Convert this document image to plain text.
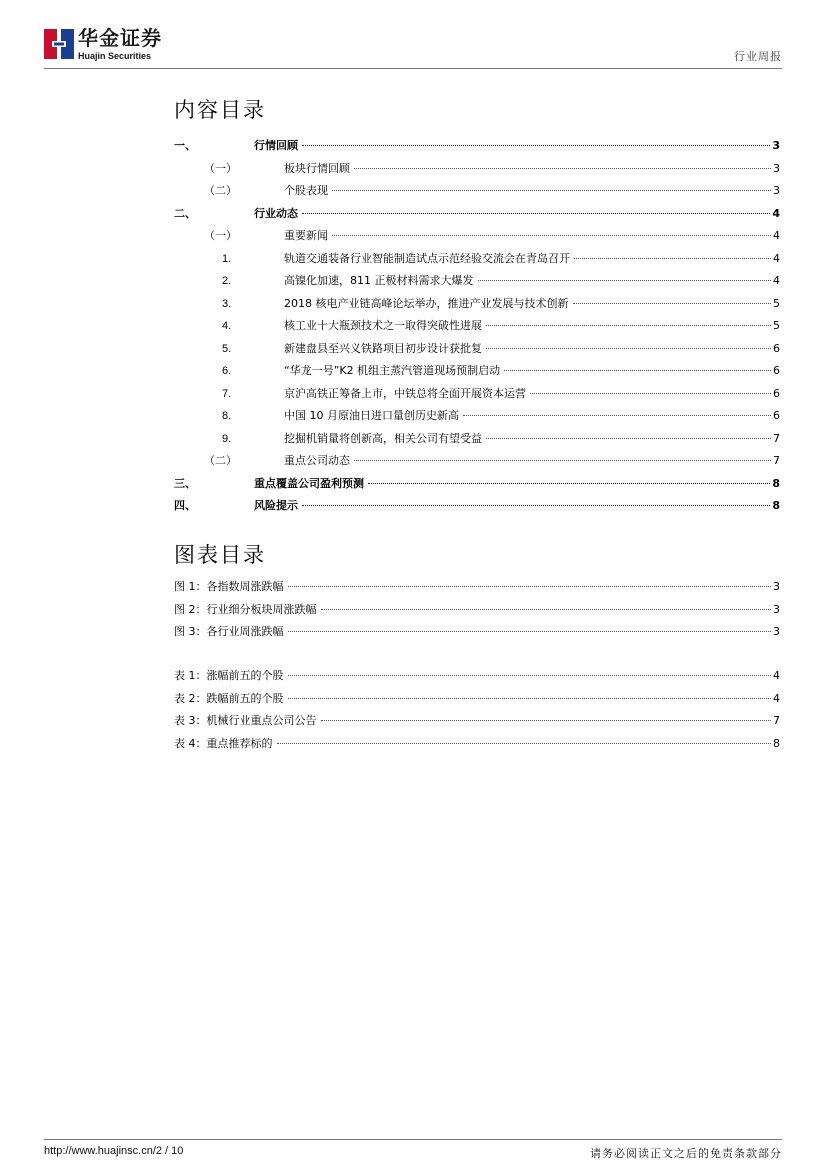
华金证券
Huajin Securities	行业周报
内容目录
一、	行情回顾	3
（一）	板块行情回顾	3
（二）	个股表现	3
二、	行业动态	4
（一）	重要新闻	4
1.	轨道交通装备行业智能制造试点示范经验交流会在青岛召开	4
2.	高镍化加速，811 正极材料需求大爆发	4
3.	2018 核电产业链高峰论坛举办，推进产业发展与技术创新	5
4.	核工业十大瓶颈技术之一取得突破性进展	5
5.	新建盘县至兴义铁路项目初步设计获批复	6
6.	“华龙一号”K2 机组主蒸汽管道现场预制启动	6
7.	京沪高铁正筹备上市，中铁总将全面开展资本运营	6
8.	中国 10 月原油日进口量创历史新高	6
9.	挖掘机销量将创新高，相关公司有望受益	7
（二）	重点公司动态	7
三、	重点覆盖公司盈利预测	8
四、	风险提示	8
图表目录
图 1：各指数周涨跌幅	3
图 2：行业细分板块周涨跌幅	3
图 3：各行业周涨跌幅	3
表 1：涨幅前五的个股	4
表 2：跌幅前五的个股	4
表 3：机械行业重点公司公告	7
表 4：重点推荐标的	8
http://www.huajinsc.cn/2 / 10	请务必阅读正文之后的免责条款部分
